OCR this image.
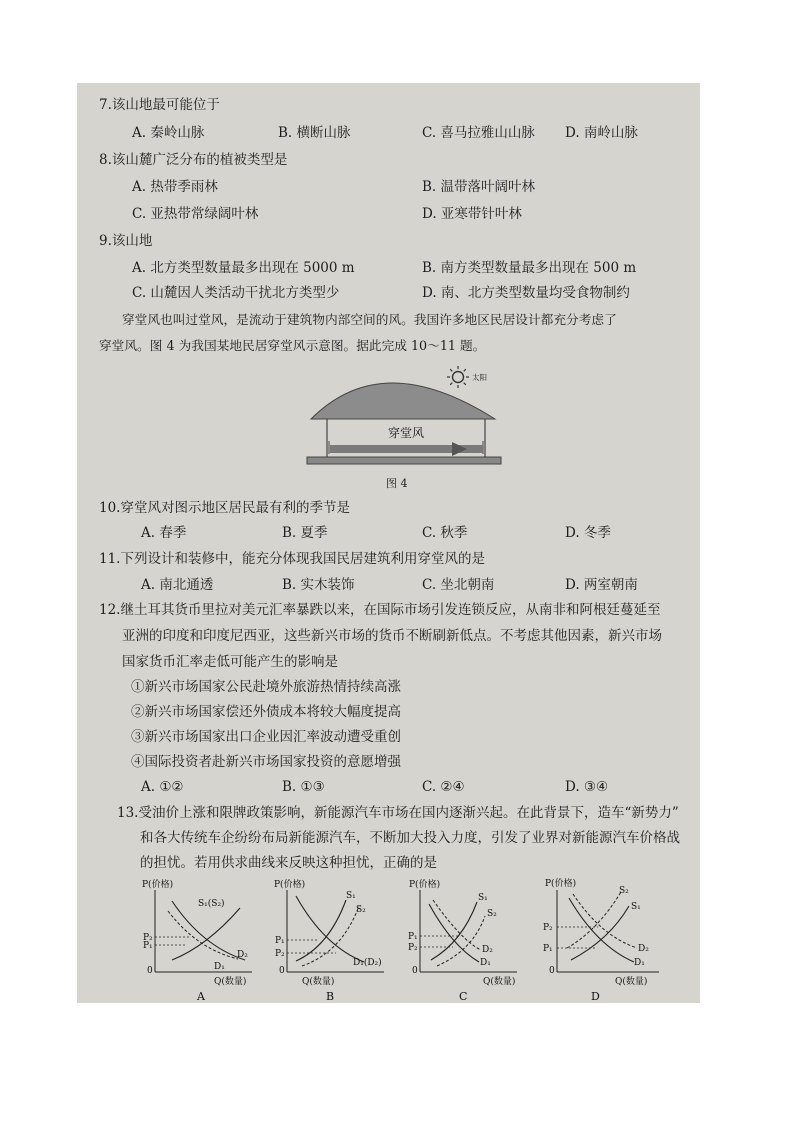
7.该山地最可能位于
A. 秦岭山脉	B. 横断山脉	C. 喜马拉雅山山脉 D. 南岭山脉
8.该山麓广泛分布的植被类型是
A. 热带季雨林	B. 温带落叶阔叶林
C. 亚热带常绿阔叶林	D. 亚寒带针叶林
9.该山地
A. 北方类型数量最多出现在 5000 m	B. 南方类型数量最多出现在 500 m
C. 山麓因人类活动干扰北方类型少	D. 南、北方类型数量均受食物制约
穿堂风也叫过堂风，是流动于建筑物内部空间的风。我国许多地区民居设计都充分考虑了
穿堂风。图 4 为我国某地民居穿堂风示意图。据此完成 10～11 题。
太阳
穿堂风
图 4
10.穿堂风对图示地区居民最有利的季节是
A. 春季	B. 夏季	C. 秋季	D. 冬季
11.下列设计和装修中，能充分体现我国民居建筑利用穿堂风的是
A. 南北通透	B. 实木装饰	C. 坐北朝南	D. 两室朝南
12.继土耳其货币里拉对美元汇率暴跌以来，在国际市场引发连锁反应，从南非和阿根廷蔓延至
亚洲的印度和印度尼西亚，这些新兴市场的货币不断刷新低点。不考虑其他因素，新兴市场
国家货币汇率走低可能产生的影响是
①新兴市场国家公民赴境外旅游热情持续高涨
②新兴市场国家偿还外债成本将较大幅度提高
③新兴市场国家出口企业因汇率波动遭受重创
④国际投资者赴新兴市场国家投资的意愿增强
A. ①②	B. ①③	C. ②④	D. ③④
13.受油价上涨和限牌政策影响，新能源汽车市场在国内逐渐兴起。在此背景下，造车“新势力”
和各大传统车企纷纷布局新能源汽车，不断加大投入力度，引发了业界对新能源汽车价格战
的担忧。若用供求曲线来反映这种担忧，正确的是
P(价格)
S₁(S₂)
D₂
D₁
P₂
P₁
0
Q(数量)
A
P(价格)
S₁
S₂
D₁(D₂)
P₁
P₂
0
Q(数量)
B
P(价格)
S₁
S₂
D₂
D₁
P₁
P₂
0
Q(数量)
C
P(价格)
S₂
S₁
D₂
D₁
P₂
P₁
0
Q(数量)
D
